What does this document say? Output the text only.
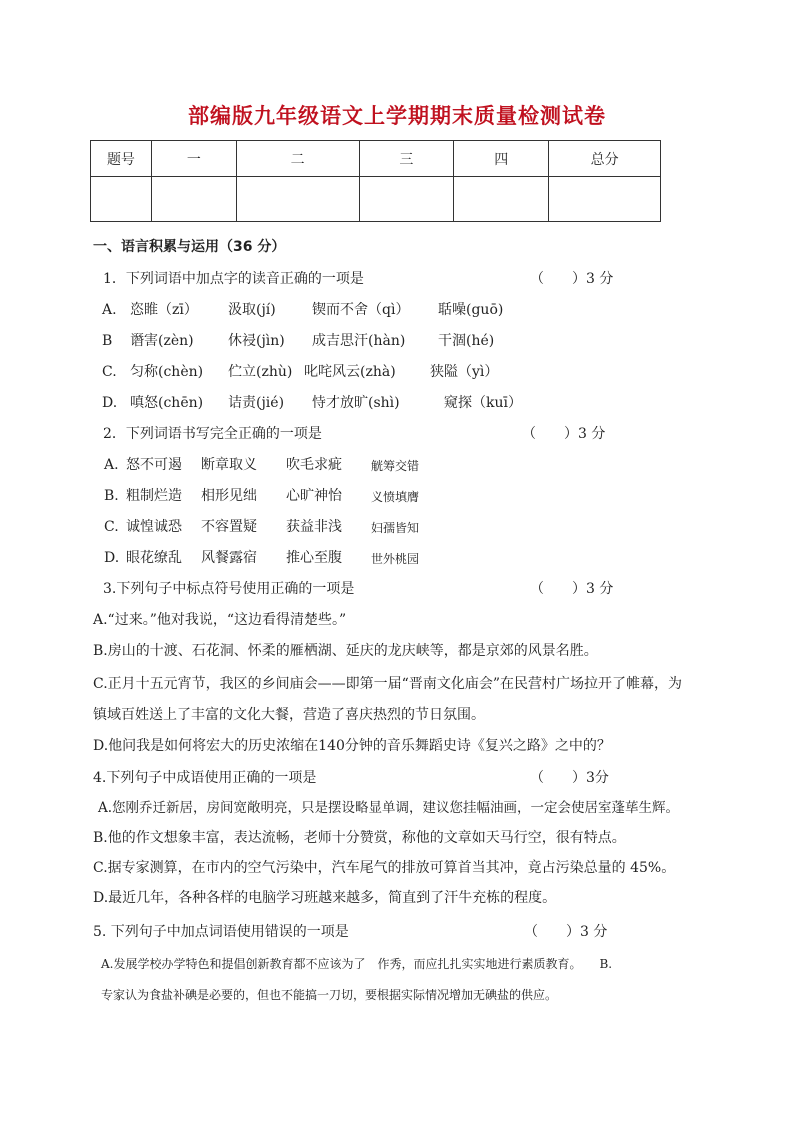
部编版九年级语文上学期期末质量检测试卷
题号	一	二	三	四	总分

一、语言积累与运用（36 分）
1．下列词语中加点字的读音正确的一项是	（　　）3 分
A. 恣睢（zī） 汲取(jí)	锲而不舍（qì） 聒噪(guō)
B 谮害(zèn) 休祲(jìn) 成吉思汗(hàn) 干涸(hé)
C. 匀称(chèn) 伫立(zhù) 叱咤风云(zhà) 狭隘（yì）
D. 嗔怒(chēn) 诘责(jié) 恃才放旷(shì)	窥探（kuī）
2．下列词语书写完全正确的一项是	（　　）3 分
A. 怒不可遏 断章取义 吹毛求疵 觥筹交错
B. 粗制烂造 相形见绌 心旷神怡 义愤填膺
C. 诚惶诚恐 不容置疑 获益非浅 妇孺皆知
D. 眼花缭乱 风餐露宿 推心至腹 世外桃园
3.下列句子中标点符号使用正确的一项是	（　　）3 分
A.“过来。”他对我说，“这边看得清楚些。”
B.房山的十渡、石花洞、怀柔的雁栖湖、延庆的龙庆峡等，都是京郊的风景名胜。
C.正月十五元宵节，我区的乡间庙会——即第一届“晋南文化庙会”在民营村广场拉开了帷幕，为
镇域百姓送上了丰富的文化大餐，营造了喜庆热烈的节日氛围。
D.他问我是如何将宏大的历史浓缩在140分钟的音乐舞蹈史诗《复兴之路》之中的？
4.下列句子中成语使用正确的一项是	（　　）3分
A.您刚乔迁新居，房间宽敞明亮，只是摆设略显单调，建议您挂幅油画，一定会使居室蓬荜生辉。
B.他的作文想象丰富，表达流畅，老师十分赞赏，称他的文章如天马行空，很有特点。
C.据专家测算，在市内的空气污染中，汽车尾气的排放可算首当其冲，竟占污染总量的 45%。
D.最近几年，各种各样的电脑学习班越来越多，简直到了汗牛充栋的程度。
5. 下列句子中加点词语使用错误的一项是	（　　）3 分
A.发展学校办学特色和提倡创新教育都不应该为了　作秀，而应扎扎实实地进行素质教育。　　B.
专家认为食盐补碘是必要的，但也不能搞一刀切，要根据实际情况增加无碘盐的供应。
